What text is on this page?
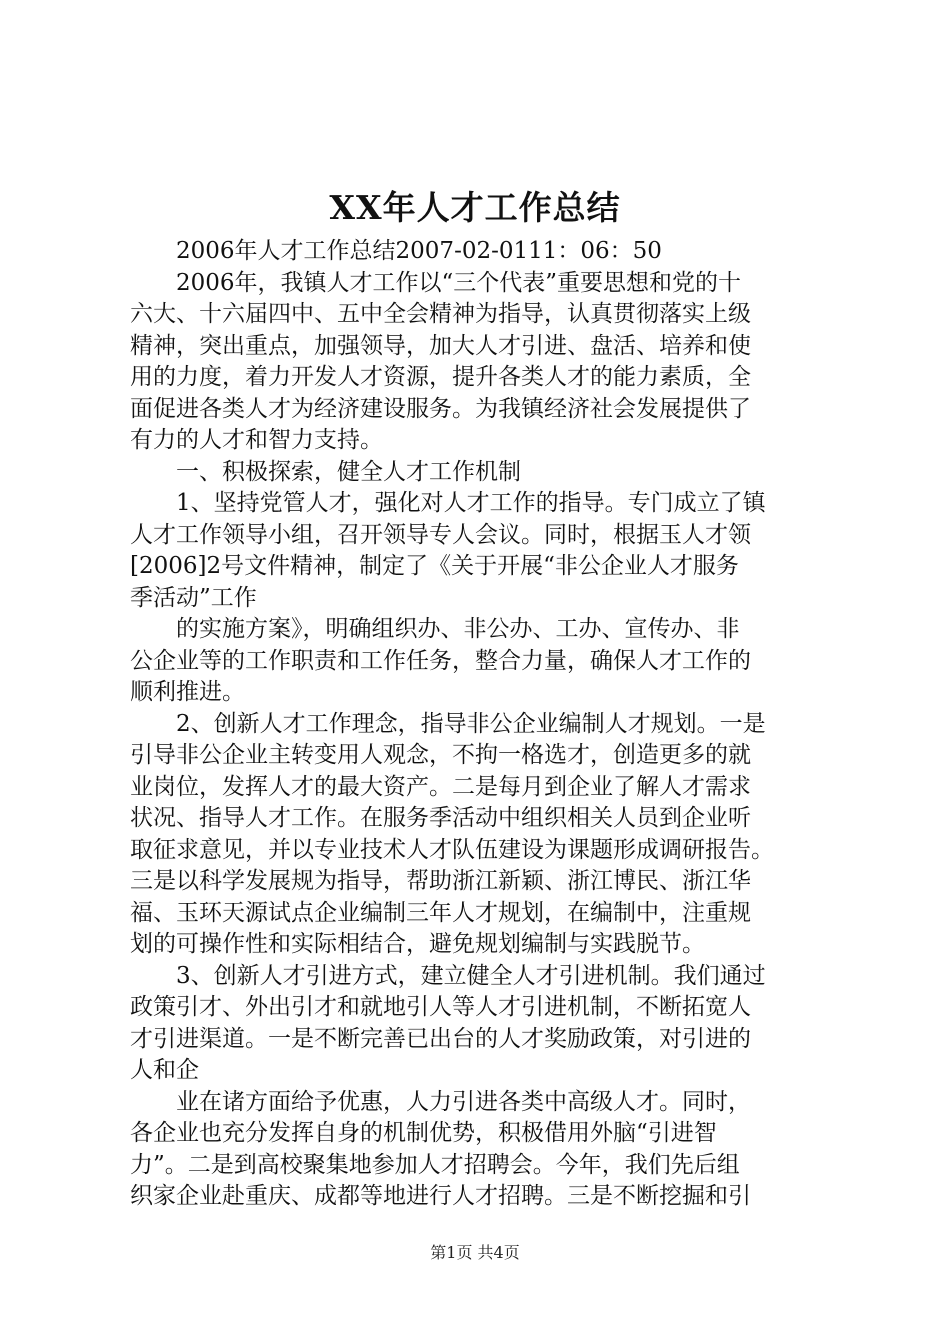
XX年人才工作总结
2006年人才工作总结2007-02-0111：06：50
2006年，我镇人才工作以“三个代表”重要思想和党的十
六大、十六届四中、五中全会精神为指导，认真贯彻落实上级
精神，突出重点，加强领导，加大人才引进、盘活、培养和使
用的力度，着力开发人才资源，提升各类人才的能力素质，全
面促进各类人才为经济建设服务。为我镇经济社会发展提供了
有力的人才和智力支持。
一、积极探索，健全人才工作机制
1、坚持党管人才，强化对人才工作的指导。专门成立了镇
人才工作领导小组，召开领导专人会议。同时，根据玉人才领
[2006]2号文件精神，制定了《关于开展“非公企业人才服务
季活动”工作
的实施方案》，明确组织办、非公办、工办、宣传办、非
公企业等的工作职责和工作任务，整合力量，确保人才工作的
顺利推进。
2、创新人才工作理念，指导非公企业编制人才规划。一是
引导非公企业主转变用人观念，不拘一格选才，创造更多的就
业岗位，发挥人才的最大资产。二是每月到企业了解人才需求
状况、指导人才工作。在服务季活动中组织相关人员到企业听
取征求意见，并以专业技术人才队伍建设为课题形成调研报告。
三是以科学发展规为指导，帮助浙江新颖、浙江博民、浙江华
福、玉环天源试点企业编制三年人才规划，在编制中，注重规
划的可操作性和实际相结合，避免规划编制与实践脱节。
3、创新人才引进方式，建立健全人才引进机制。我们通过
政策引才、外出引才和就地引人等人才引进机制，不断拓宽人
才引进渠道。一是不断完善已出台的人才奖励政策，对引进的
人和企
业在诸方面给予优惠，人力引进各类中高级人才。同时，
各企业也充分发挥自身的机制优势，积极借用外脑“引进智
力”。二是到高校聚集地参加人才招聘会。今年，我们先后组
织家企业赴重庆、成都等地进行人才招聘。三是不断挖掘和引
第1页 共4页
